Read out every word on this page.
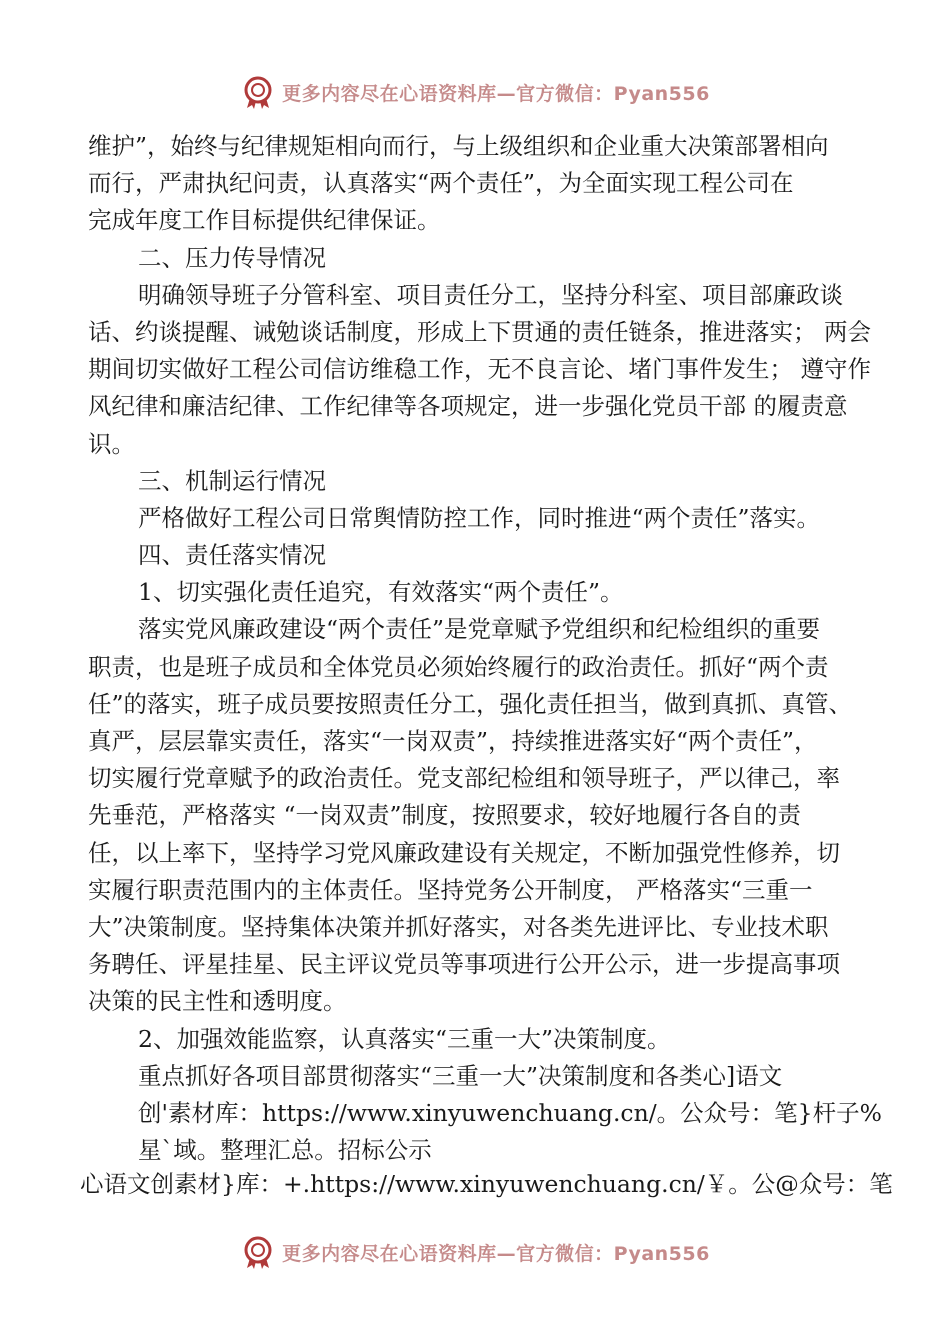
更多内容尽在心语资料库—官方微信：Pyan556
维护”，始终与纪律规矩相向而行，与上级组织和企业重大决策部署相向
而行，严肃执纪问责，认真落实“两个责任”，为全面实现工程公司在
完成年度工作目标提供纪律保证。
二、压力传导情况
明确领导班子分管科室、项目责任分工，坚持分科室、项目部廉政谈
话、约谈提醒、诫勉谈话制度，形成上下贯通的责任链条，推进落实； 两会
期间切实做好工程公司信访维稳工作，无不良言论、堵门事件发生； 遵守作
风纪律和廉洁纪律、工作纪律等各项规定，进一步强化党员干部 的履责意
识。
三、机制运行情况
严格做好工程公司日常舆情防控工作，同时推进“两个责任”落实。
四、责任落实情况
1、切实强化责任追究，有效落实“两个责任”。
落实党风廉政建设“两个责任”是党章赋予党组织和纪检组织的重要
职责，也是班子成员和全体党员必须始终履行的政治责任。抓好“两个责
任”的落实，班子成员要按照责任分工，强化责任担当，做到真抓、真管、
真严，层层靠实责任，落实“一岗双责”，持续推进落实好“两个责任”，
切实履行党章赋予的政治责任。党支部纪检组和领导班子，严以律己，率
先垂范，严格落实 “一岗双责”制度，按照要求，较好地履行各自的责
任，以上率下，坚持学习党风廉政建设有关规定，不断加强党性修养，切
实履行职责范围内的主体责任。坚持党务公开制度， 严格落实“三重一
大”决策制度。坚持集体决策并抓好落实，对各类先进评比、专业技术职
务聘任、评星挂星、民主评议党员等事项进行公开公示，进一步提高事项
决策的民主性和透明度。
2、加强效能监察，认真落实“三重一大”决策制度。
重点抓好各项目部贯彻落实“三重一大”决策制度和各类心]语文
创'素材库：https://www.xinyuwenchuang.cn/。公众号：笔}杆子%
星`域。整理汇总。招标公示
心语文创素材}库：+.https://www.xinyuwenchuang.cn/￥。公@众号：笔
更多内容尽在心语资料库—官方微信：Pyan556
